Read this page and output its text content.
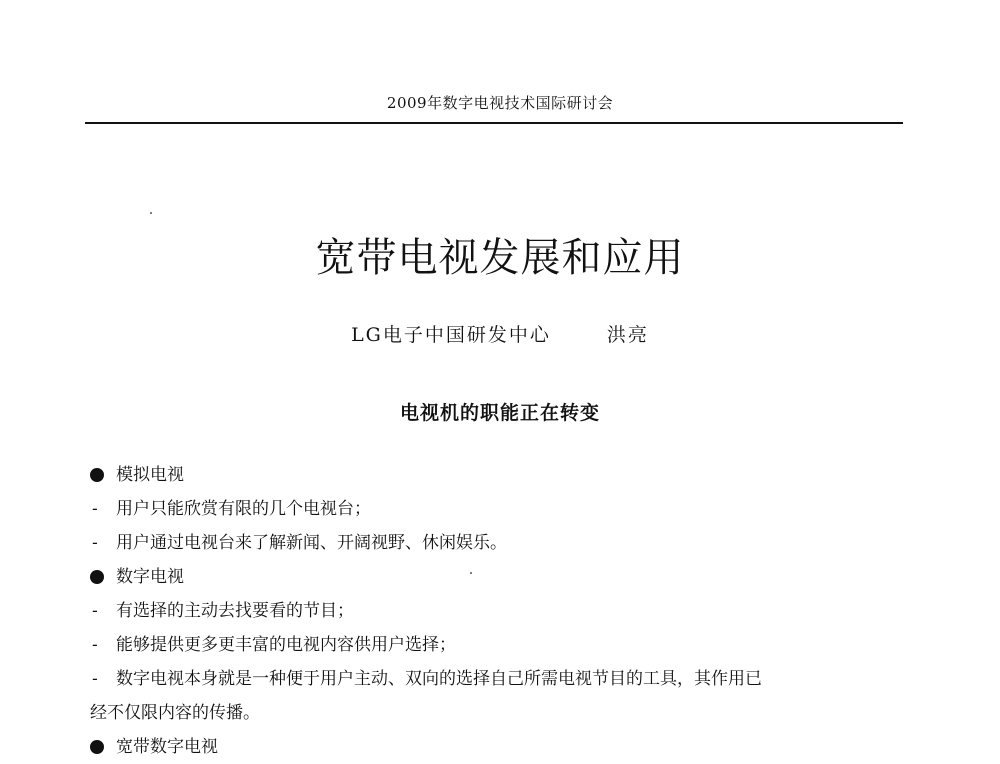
2009年数字电视技术国际研讨会
宽带电视发展和应用
LG电子中国研发中心	洪亮
电视机的职能正在转变
模拟电视
- 用户只能欣赏有限的几个电视台；
- 用户通过电视台来了解新闻、开阔视野、休闲娱乐。
数字电视
- 有选择的主动去找要看的节目；
- 能够提供更多更丰富的电视内容供用户选择；
- 数字电视本身就是一种便于用户主动、双向的选择自己所需电视节目的工具，其作用已
经不仅限内容的传播。
宽带数字电视
